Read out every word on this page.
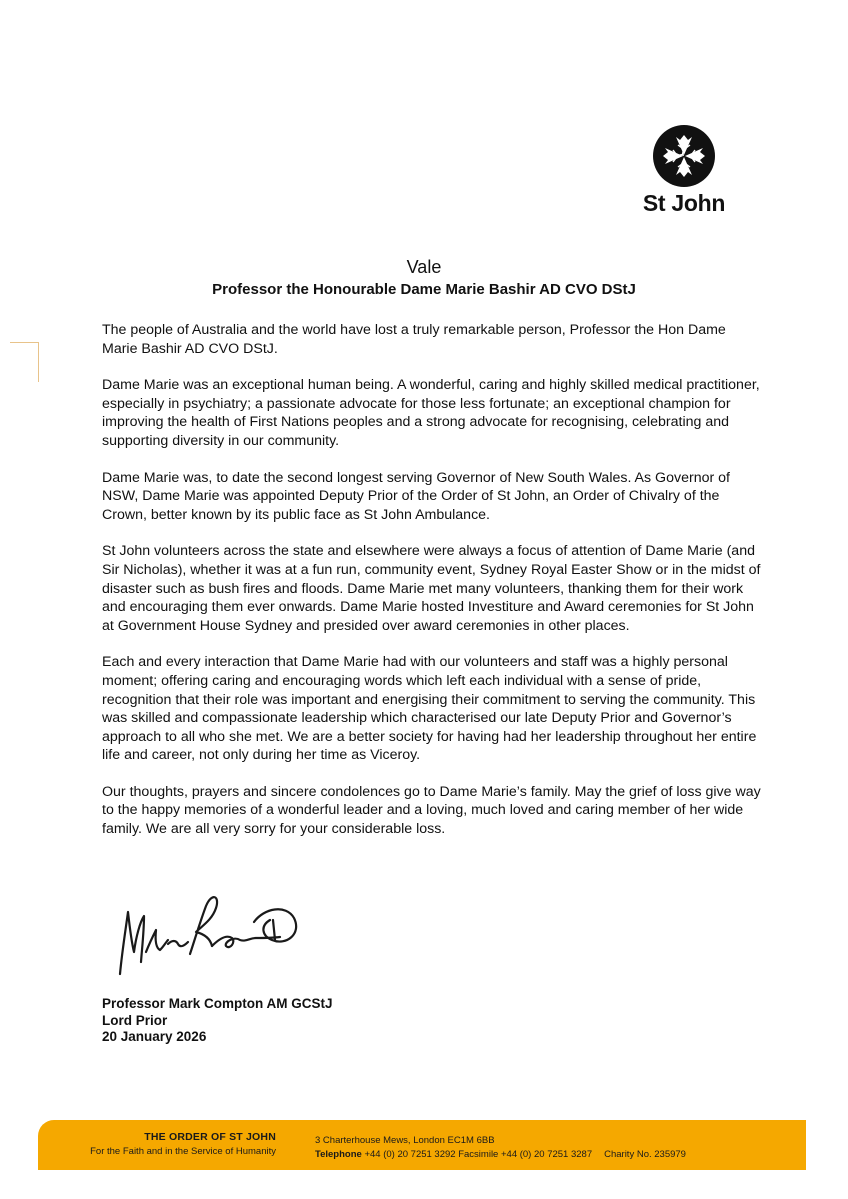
St John
Vale
Professor the Honourable Dame Marie Bashir AD CVO DStJ

The people of Australia and the world have lost a truly remarkable person, Professor the Hon Dame Marie Bashir AD CVO DStJ.

Dame Marie was an exceptional human being. A wonderful, caring and highly skilled medical practitioner, especially in psychiatry; a passionate advocate for those less fortunate; an exceptional champion for improving the health of First Nations peoples and a strong advocate for recognising, celebrating and supporting diversity in our community.

Dame Marie was, to date the second longest serving Governor of New South Wales. As Governor of NSW, Dame Marie was appointed Deputy Prior of the Order of St John, an Order of Chivalry of the Crown, better known by its public face as St John Ambulance.

St John volunteers across the state and elsewhere were always a focus of attention of Dame Marie (and Sir Nicholas), whether it was at a fun run, community event, Sydney Royal Easter Show or in the midst of disaster such as bush fires and floods. Dame Marie met many volunteers, thanking them for their work and encouraging them ever onwards. Dame Marie hosted Investiture and Award ceremonies for St John at Government House Sydney and presided over award ceremonies in other places.

Each and every interaction that Dame Marie had with our volunteers and staff was a highly personal moment; offering caring and encouraging words which left each individual with a sense of pride, recognition that their role was important and energising their commitment to serving the community. This was skilled and compassionate leadership which characterised our late Deputy Prior and Governor’s approach to all who she met. We are a better society for having had her leadership throughout her entire life and career, not only during her time as Viceroy.

Our thoughts, prayers and sincere condolences go to Dame Marie’s family. May the grief of loss give way to the happy memories of a wonderful leader and a loving, much loved and caring member of her wide family. We are all very sorry for your considerable loss.

Professor Mark Compton AM GCStJ
Lord Prior
20 January 2026
THE ORDER OF ST JOHN
For the Faith and in the Service of Humanity
3 Charterhouse Mews, London EC1M 6BB
Telephone +44 (0) 20 7251 3292 Facsimile +44 (0) 20 7251 3287 Charity No. 235979
